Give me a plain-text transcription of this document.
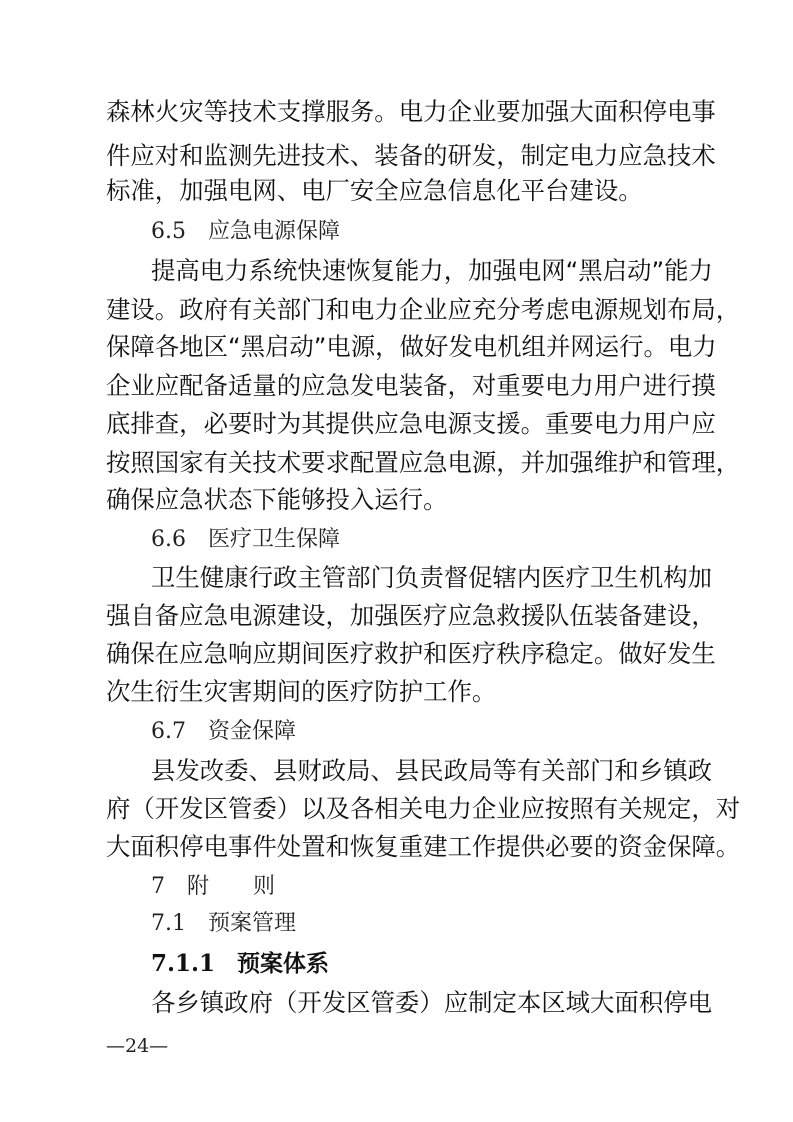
森林火灾等技术支撑服务。电力企业要加强大面积停电事
件应对和监测先进技术、装备的研发，制定电力应急技术
标准，加强电网、电厂安全应急信息化平台建设。
6.5 应急电源保障
提高电力系统快速恢复能力，加强电网“黑启动”能力
建设。政府有关部门和电力企业应充分考虑电源规划布局，
保障各地区“黑启动”电源，做好发电机组并网运行。电力
企业应配备适量的应急发电装备，对重要电力用户进行摸
底排查，必要时为其提供应急电源支援。重要电力用户应
按照国家有关技术要求配置应急电源，并加强维护和管理，
确保应急状态下能够投入运行。
6.6 医疗卫生保障
卫生健康行政主管部门负责督促辖内医疗卫生机构加
强自备应急电源建设，加强医疗应急救援队伍装备建设，
确保在应急响应期间医疗救护和医疗秩序稳定。做好发生
次生衍生灾害期间的医疗防护工作。
6.7 资金保障
县发改委、县财政局、县民政局等有关部门和乡镇政
府（开发区管委）以及各相关电力企业应按照有关规定，对
大面积停电事件处置和恢复重建工作提供必要的资金保障。
7 附　　则
7.1 预案管理
7.1.1 预案体系
各乡镇政府（开发区管委）应制定本区域大面积停电
—24—
